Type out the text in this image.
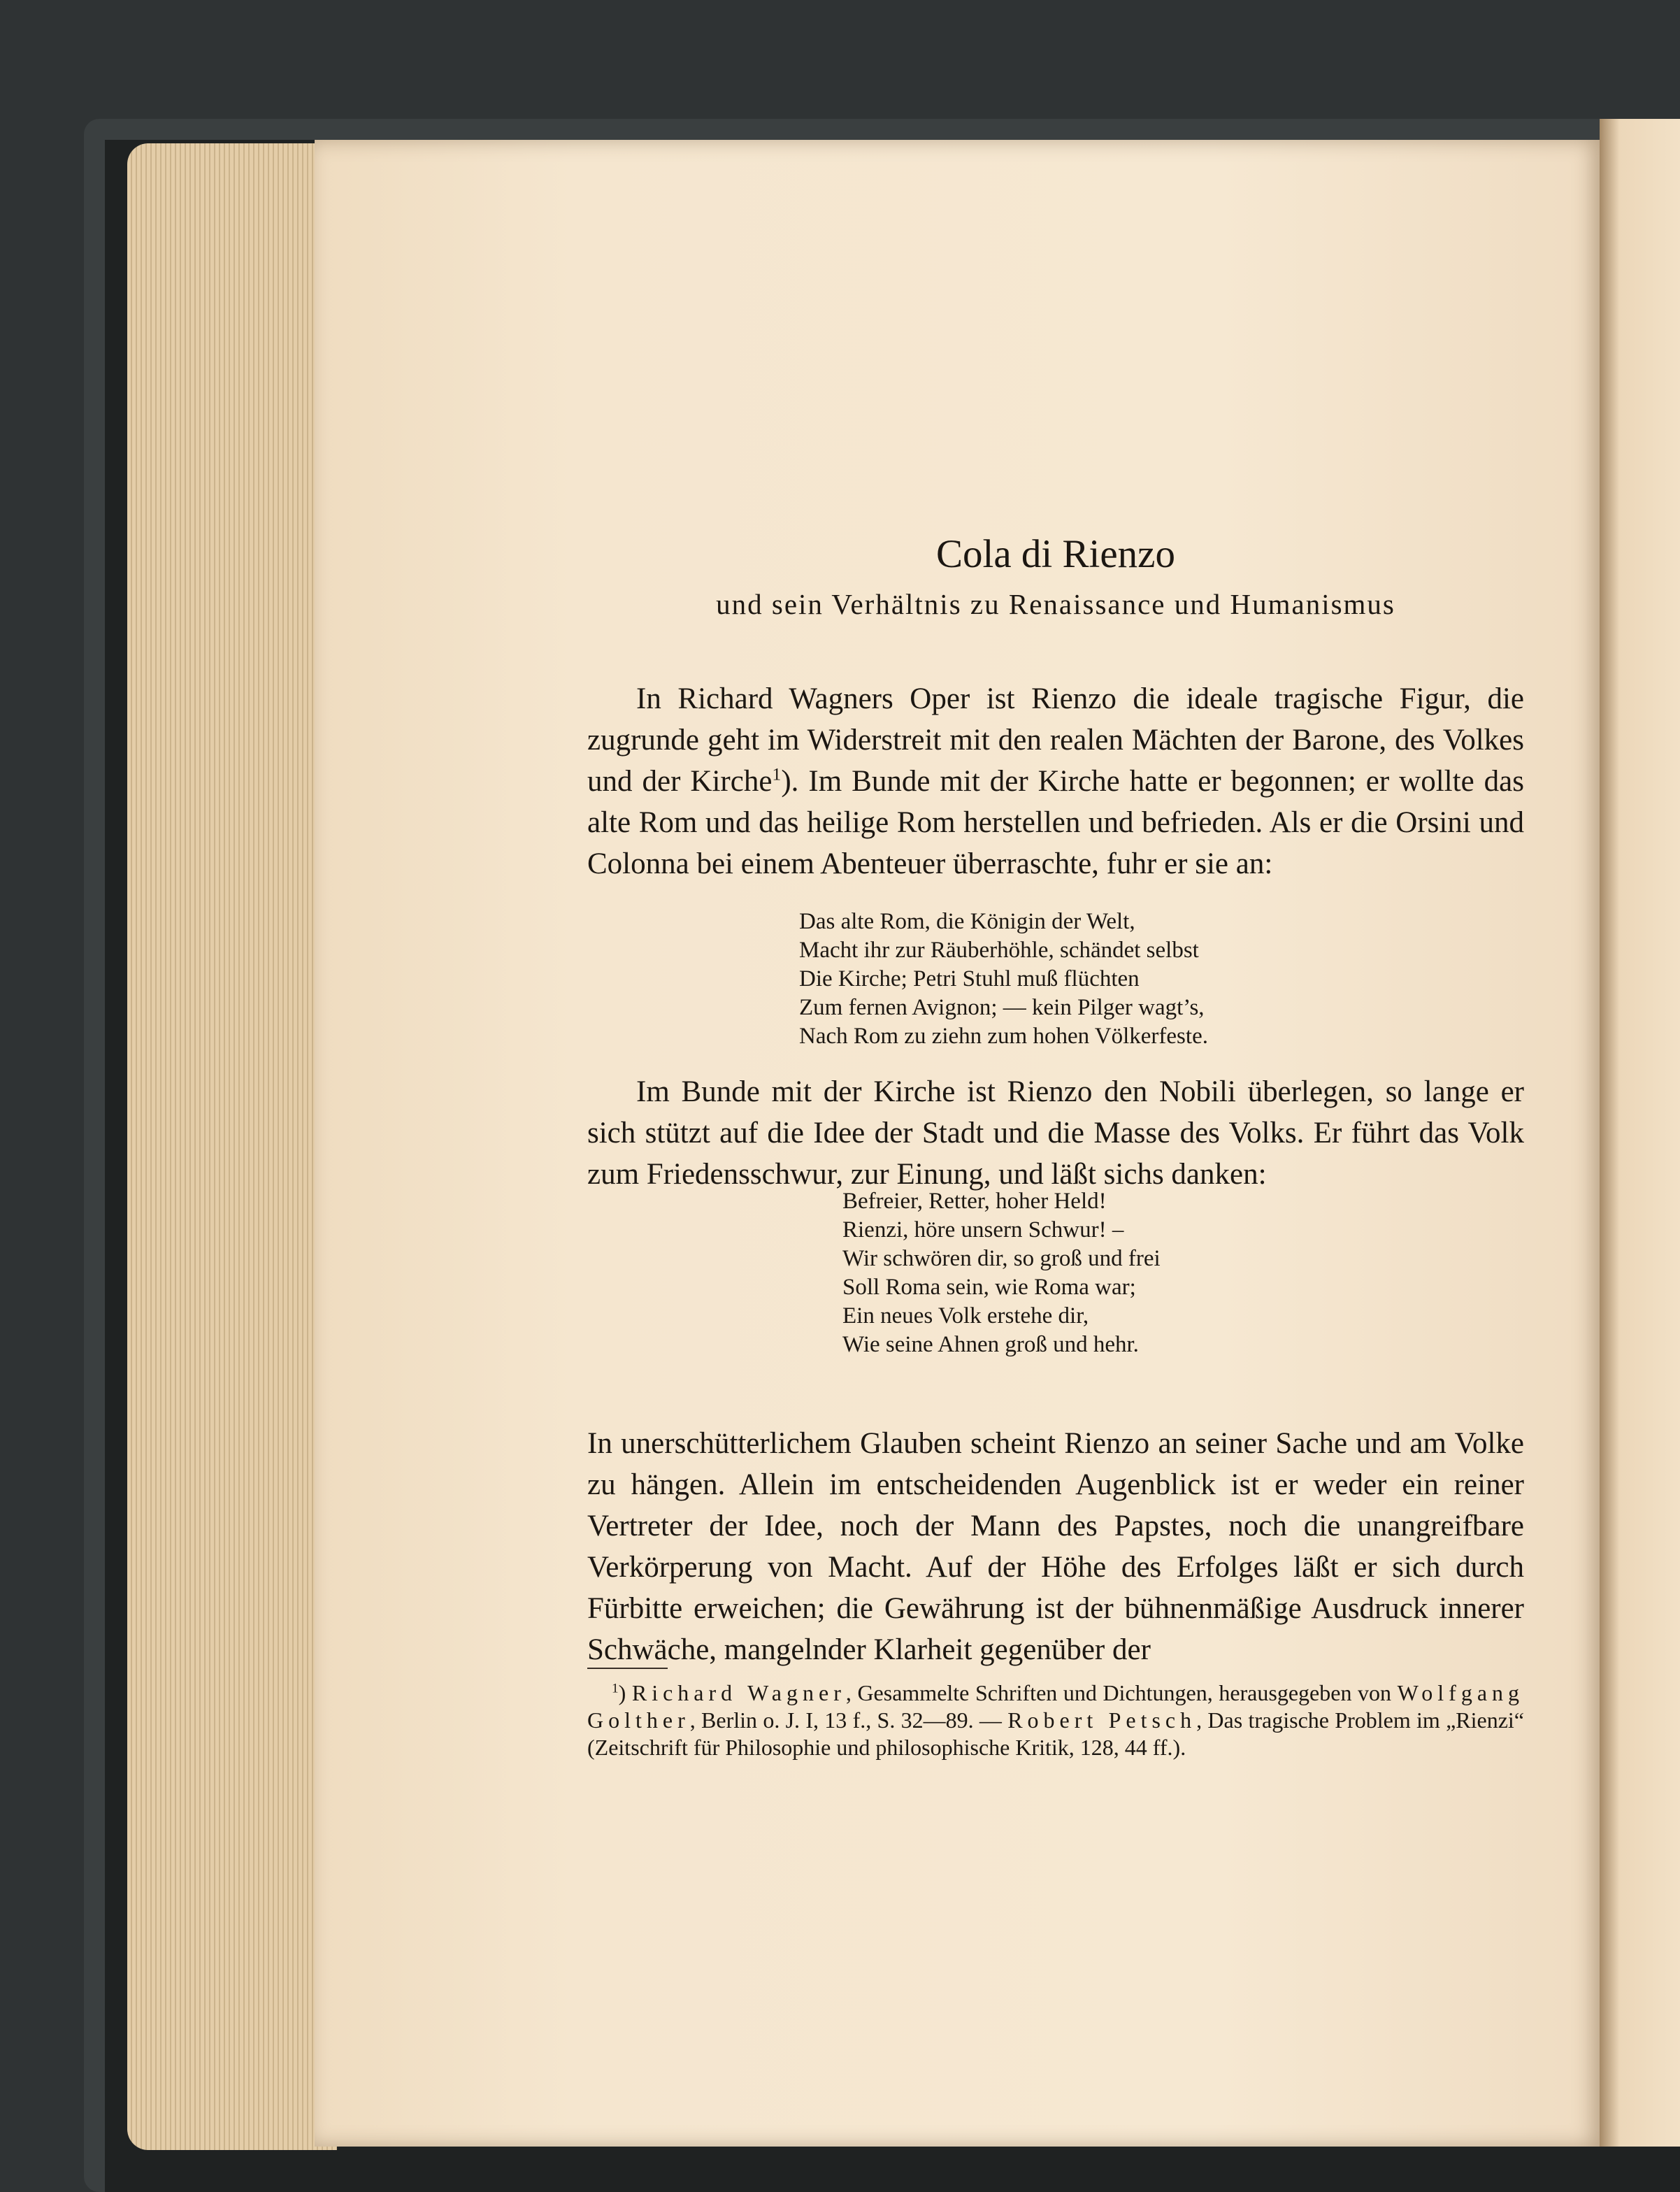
Cola di Rienzo
und sein Verhältnis zu Renaissance und Humanismus

In Richard Wagners Oper ist Rienzo die ideale tragische Figur, die zugrunde geht im Widerstreit mit den realen Mächten der Barone, des Volkes und der Kirche$^1$). Im Bunde mit der Kirche hatte er begonnen; er wollte das alte Rom und das heilige Rom herstellen und befrieden. Als er die Orsini und Colonna bei einem Abenteuer überraschte, fuhr er sie an:

Das alte Rom, die Königin der Welt,
Macht ihr zur Räuberhöhle, schändet selbst
Die Kirche; Petri Stuhl muß flüchten
Zum fernen Avignon; — kein Pilger wagt’s,
Nach Rom zu ziehn zum hohen Völkerfeste.

Im Bunde mit der Kirche ist Rienzo den Nobili überlegen, so lange er sich stützt auf die Idee der Stadt und die Masse des Volks. Er führt das Volk zum Friedensschwur, zur Einung, und läßt sichs danken:

Befreier, Retter, hoher Held!
Rienzi, höre unsern Schwur! –
Wir schwören dir, so groß und frei
Soll Roma sein, wie Roma war;
Ein neues Volk erstehe dir,
Wie seine Ahnen groß und hehr.

In unerschütterlichem Glauben scheint Rienzo an seiner Sache und am Volke zu hängen. Allein im entscheidenden Augenblick ist er weder ein reiner Vertreter der Idee, noch der Mann des Papstes, noch die unangreifbare Verkörperung von Macht. Auf der Höhe des Erfolges läßt er sich durch Fürbitte erweichen; die Gewährung ist der bühnenmäßige Ausdruck innerer Schwäche, mangelnder Klarheit gegenüber der

$^1$) Richard Wagner, Gesammelte Schriften und Dichtungen, herausgegeben von Wolfgang Golther, Berlin o. J. I, 13 f., S. 32—89. — Robert Petsch, Das tragische Problem im „Rienzi“ (Zeitschrift für Philosophie und philosophische Kritik, 128, 44 ff.).
